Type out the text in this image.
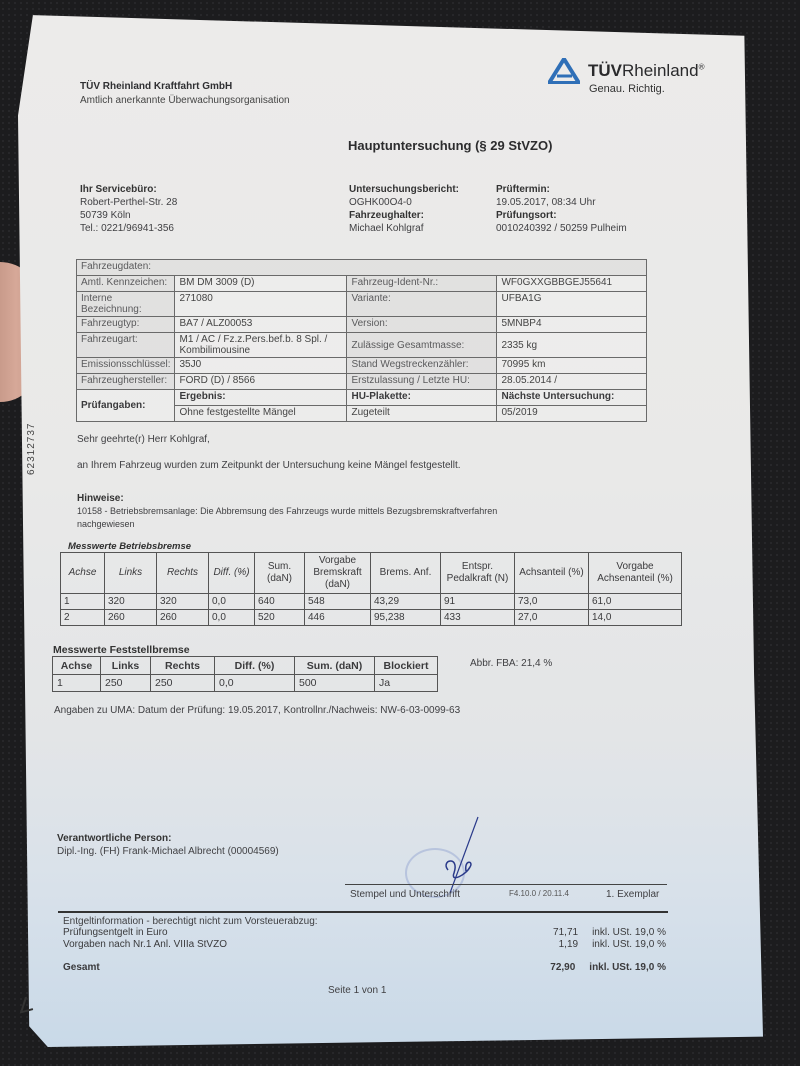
TÜV Rheinland Kraftfahrt GmbH
Amtlich anerkannte Überwachungsorganisation
TÜVRheinland®
Genau. Richtig.
Hauptuntersuchung (§ 29 StVZO)
Ihr Servicebüro:
Robert-Perthel-Str. 28
50739 Köln
Tel.: 0221/96941-356
Untersuchungsbericht:
OGHK00O4-0
Fahrzeughalter:
Michael Kohlgraf
Prüftermin:
19.05.2017, 08:34 Uhr
Prüfungsort:
0010240392 / 50259 Pulheim
Fahrzeugdaten:			
Amtl. Kennzeichen:	BM DM 3009 (D)	Fahrzeug-Ident-Nr.:	WF0GXXGBBGEJ55641
Interne Bezeichnung:	271080	Variante:	UFBA1G
Fahrzeugtyp:	BA7 / ALZ00053	Version:	5MNBP4
Fahrzeugart:	M1 / AC / Fz.z.Pers.bef.b. 8 Spl. / Kombilimousine	Zulässige Gesamtmasse:	2335 kg
Emissionsschlüssel:	35J0	Stand Wegstreckenzähler:	70995 km
Fahrzeughersteller:	FORD (D) / 8566	Erstzulassung / Letzte HU:	28.05.2014 /
Prüfangaben:	Ergebnis:	HU-Plakette:	Nächste Untersuchung:
	Ohne festgestellte Mängel	Zugeteilt	05/2019
Sehr geehrte(r) Herr Kohlgraf,
an Ihrem Fahrzeug wurden zum Zeitpunkt der Untersuchung keine Mängel festgestellt.
Hinweise:
10158 - Betriebsbremsanlage: Die Abbremsung des Fahrzeugs wurde mittels Bezugsbremskraftverfahren
nachgewiesen
Messwerte Betriebsbremse
Achse	Links	Rechts	Diff. (%)	Sum. (daN)	Vorgabe Bremskraft (daN)	Brems. Anf.	Entspr. Pedalkraft (N)	Achsanteil (%)	Vorgabe Achsenanteil (%)
1	320	320	0,0	640	548	43,29	91	73,0	61,0
2	260	260	0,0	520	446	95,238	433	27,0	14,0
Messwerte Feststellbremse
Achse	Links	Rechts	Diff. (%)	Sum. (daN)	Blockiert
1	250	250	0,0	500	Ja
Abbr. FBA: 21,4 %
Angaben zu UMA: Datum der Prüfung: 19.05.2017, Kontrollnr./Nachweis: NW-6-03-0099-63
Verantwortliche Person:
Dipl.-Ing. (FH) Frank-Michael Albrecht (00004569)
Stempel und Unterschrift	F4.10.0 / 20.11.4	1. Exemplar
Entgeltinformation - berechtigt nicht zum Vorsteuerabzug:
Prüfungsentgelt in Euro	71,71 inkl. USt. 19,0 %
Vorgaben nach Nr.1 Anl. VIIIa StVZO	1,19 inkl. USt. 19,0 %
Gesamt	72,90 inkl. USt. 19,0 %
Seite 1 von 1
62312737
∠
